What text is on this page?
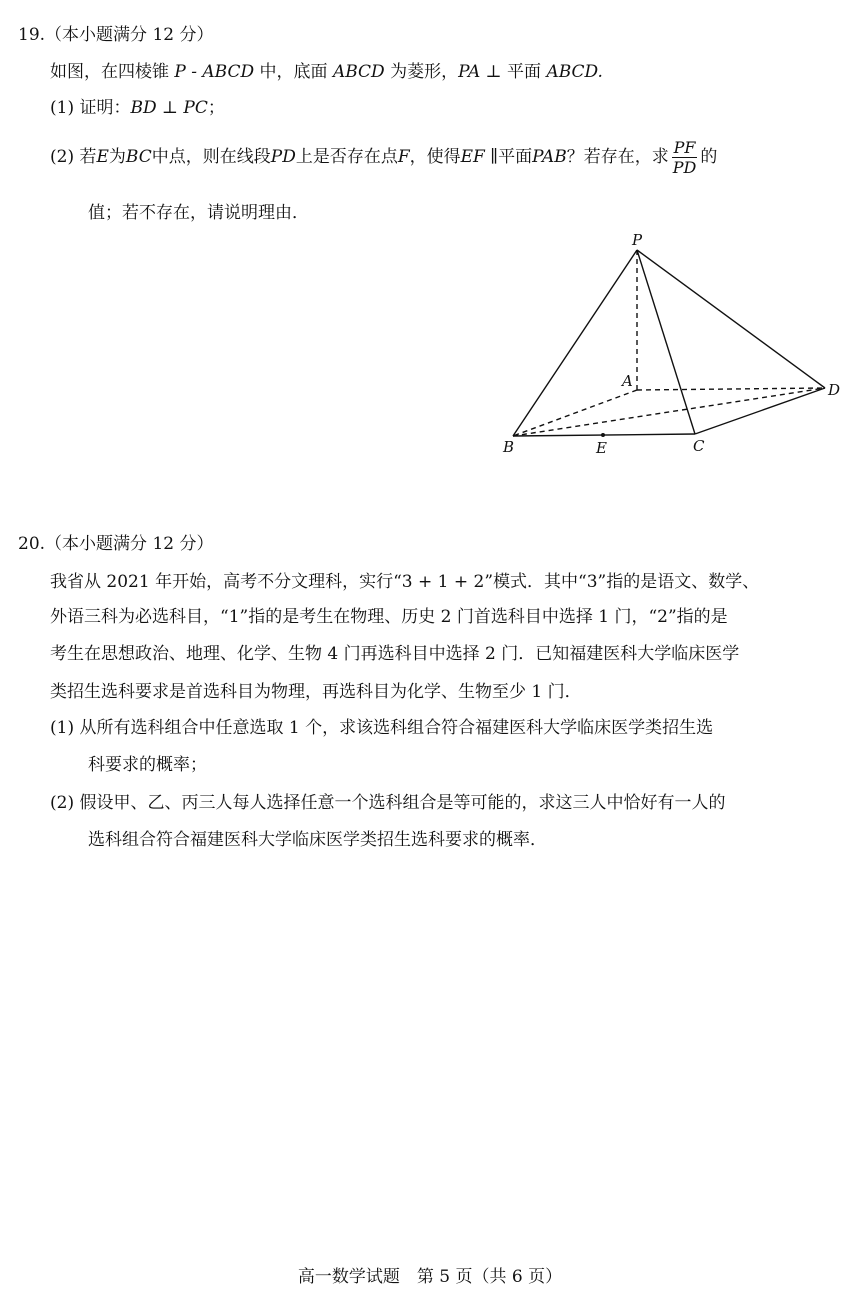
19.（本小题满分 12 分）
如图，在四棱锥 P - ABCD 中，底面 ABCD 为菱形，PA ⊥ 平面 ABCD.
(1) 证明：BD ⊥ PC；
(2) 若E为BC中点，则在线段PD上是否存在点F，使得EF ∥平面PAB？若存在，求 $\frac{PF}{PD}$ 的
值；若不存在，请说明理由．
P
A
B	C
D
E
20.（本小题满分 12 分）
我省从 2021 年开始，高考不分文理科，实行“3 + 1 + 2”模式．其中“3”指的是语文、数学、
外语三科为必选科目，“1”指的是考生在物理、历史 2 门首选科目中选择 1 门，“2”指的是
考生在思想政治、地理、化学、生物 4 门再选科目中选择 2 门．已知福建医科大学临床医学
类招生选科要求是首选科目为物理，再选科目为化学、生物至少 1 门．
(1) 从所有选科组合中任意选取 1 个，求该选科组合符合福建医科大学临床医学类招生选
科要求的概率；
(2) 假设甲、乙、丙三人每人选择任意一个选科组合是等可能的，求这三人中恰好有一人的
选科组合符合福建医科大学临床医学类招生选科要求的概率．
高一数学试题　第 5 页（共 6 页）
